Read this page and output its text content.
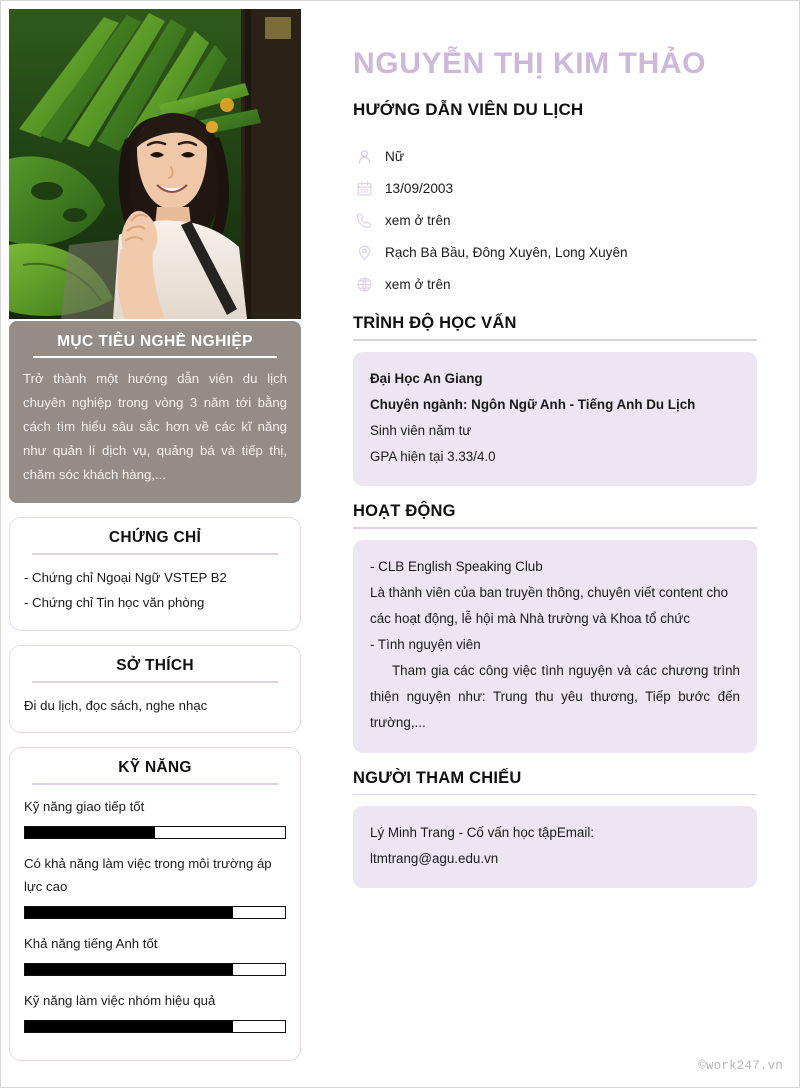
MỤC TIÊU NGHỀ NGHIỆP
Trở thành một hướng dẫn viên du lịch chuyên nghiệp trong vòng 3 năm tới bằng cách tìm hiểu sâu sắc hơn về các kĩ năng như quản lí dịch vụ, quảng bá và tiếp thị, chăm sóc khách hàng,...
CHỨNG CHỈ
- Chứng chỉ Ngoại Ngữ VSTEP B2
- Chứng chỉ Tin học văn phòng
SỞ THÍCH
Đi du lịch, đọc sách, nghe nhạc
KỸ NĂNG
Kỹ năng giao tiếp tốt
Có khả năng làm việc trong môi trường áp lực cao
Khả năng tiếng Anh tốt
Kỹ năng làm việc nhóm hiệu quả
NGUYỄN THỊ KIM THẢO
HƯỚNG DẪN VIÊN DU LỊCH
Nữ
13/09/2003
xem ở trên
Rạch Bà Bầu, Đông Xuyên, Long Xuyên
xem ở trên
TRÌNH ĐỘ HỌC VẤN
Đại Học An Giang
Chuyên ngành: Ngôn Ngữ Anh - Tiếng Anh Du Lịch
Sinh viên năm tư
GPA hiện tại 3.33/4.0
HOẠT ĐỘNG
- CLB English Speaking Club
Là thành viên của ban truyền thông, chuyên viết content cho các hoạt động, lễ hội mà Nhà trường và Khoa tổ chức
- Tình nguyện viên
Tham gia các công việc tình nguyện và các chương trình thiện nguyện như: Trung thu yêu thương, Tiếp bước đến trường,...
NGƯỜI THAM CHIẾU
Lý Minh Trang - Cố vấn học tậpEmail:
ltmtrang@agu.edu.vn
©work247.vn
